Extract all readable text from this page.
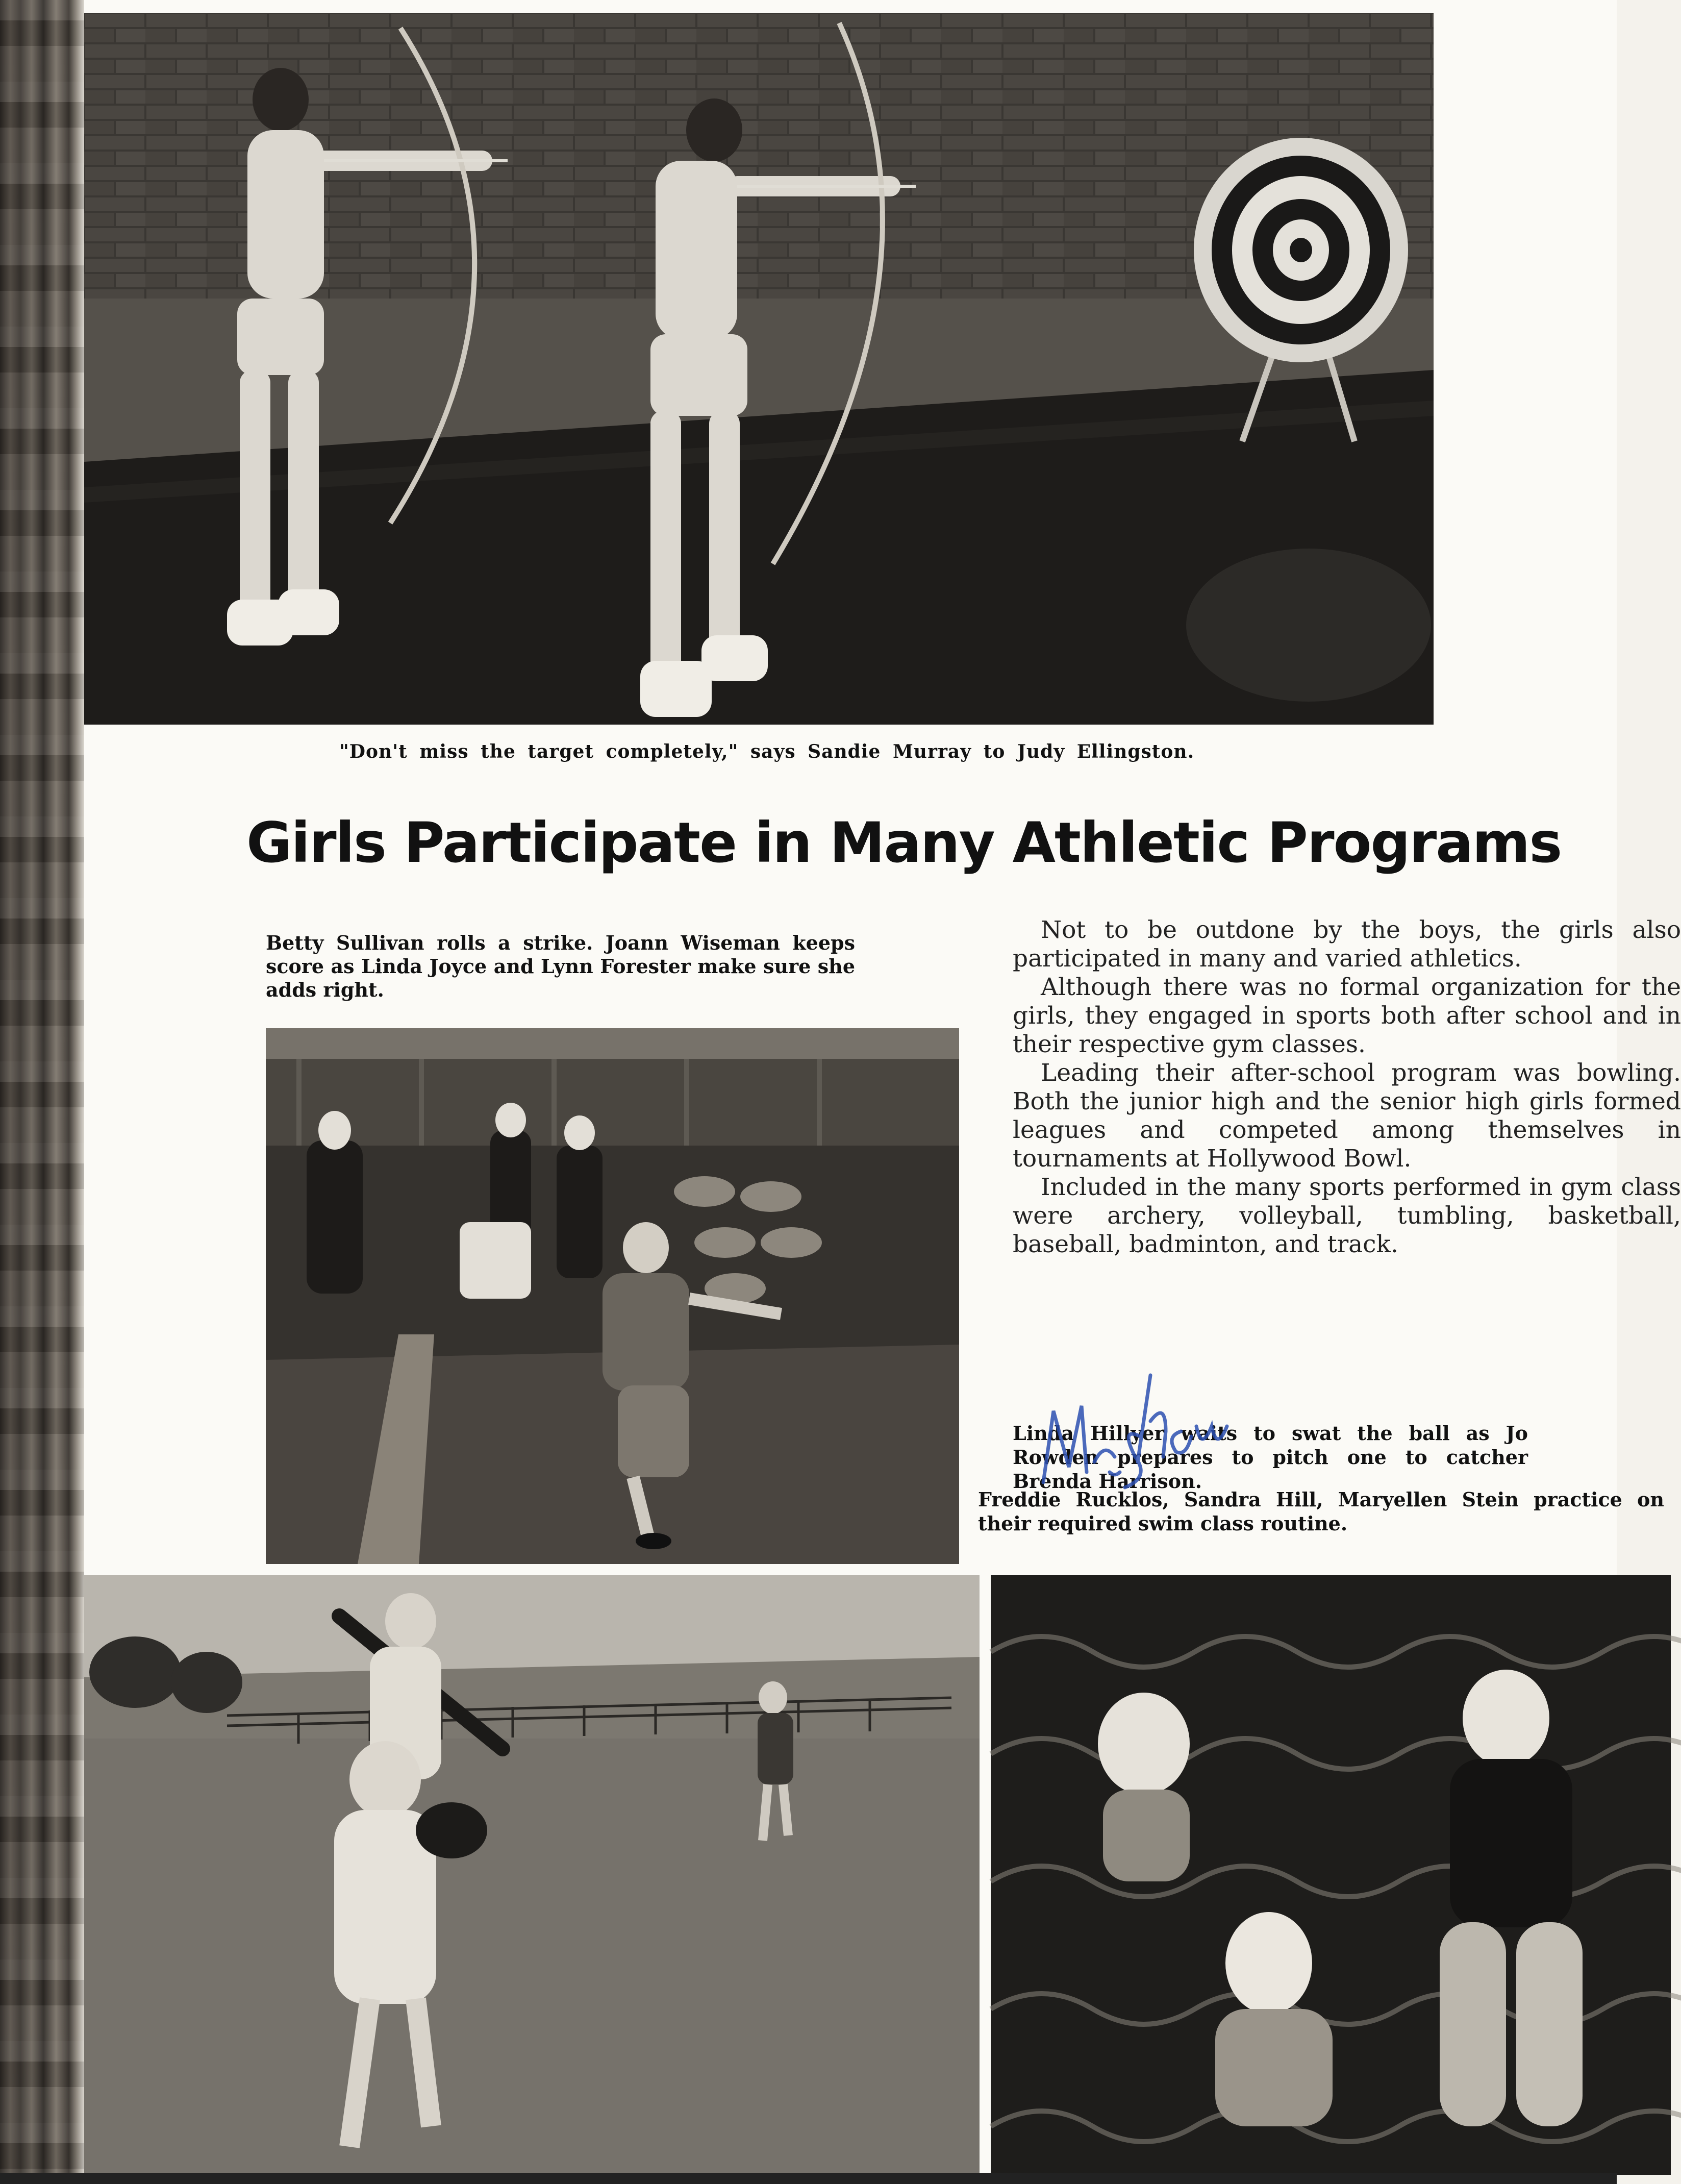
"Don't miss the target completely," says Sandie Murray to Judy Ellingston.
Girls Participate in Many Athletic Programs
Betty Sullivan rolls a strike. Joann Wiseman keeps score as Linda Joyce and Lynn Forester make sure she adds right.

Not to be outdone by the boys, the girls also participated in many and varied athletics.

Although there was no formal organization for the girls, they engaged in sports both after school and in their respective gym classes.

Leading their after-school program was bowling. Both the junior high and the senior high girls formed leagues and competed among themselves in tournaments at Hollywood Bowl.

Included in the many sports performed in gym class were archery, volleyball, tumbling, basketball, baseball, badminton, and track.

Linda Hillyer waits to swat the ball as Jo Rowden prepares to pitch one to catcher Brenda Harrison.
Freddie Rucklos, Sandra Hill, Maryellen Stein practice on their required swim class routine.
